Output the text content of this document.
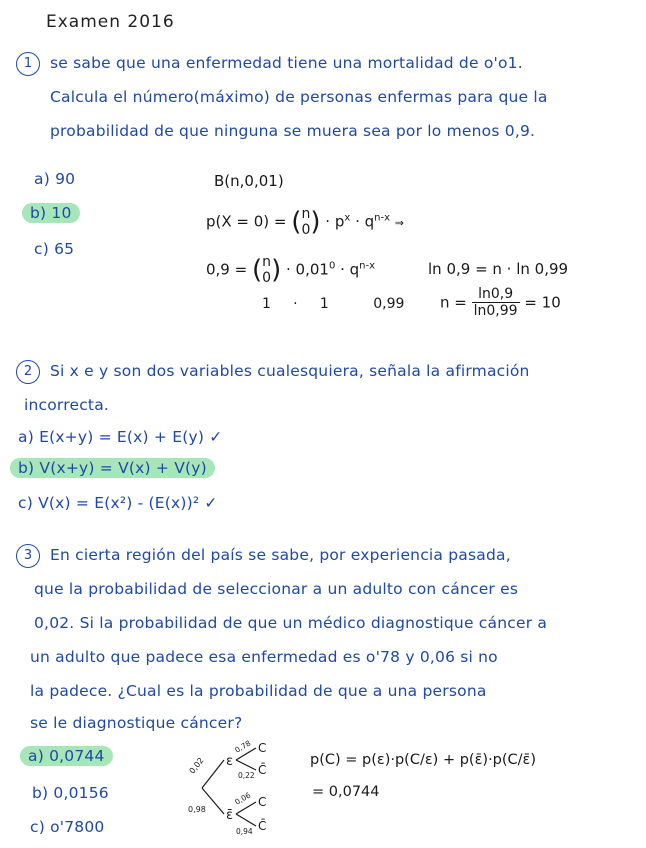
Examen 2016
1	se sabe que una enfermedad tiene una mortalidad de o'o1.
Calcula el número(máximo) de personas enfermas para que la
probabilidad de que ninguna se muera sea por lo menos 0,9.
a) 90
b) 10
c) 65
B(n,0,01)
p(X = 0) = ( n
0 ) · $p^x \cdot q^{n-x}$ ⇒
0,9 = ( n
0 ) · $0,01^0 \cdot q^{n-x}$
1     ·     1          0,99
ln 0,9 = n · ln 0,99
$n = \frac{\ln 0,9}{\ln 0,99} = 10$
2	Si x e y son dos variables cualesquiera, señala la afirmación
incorrecta.
a) E(x+y) = E(x) + E(y) ✓
b) V(x+y) = V(x) + V(y)
c) V(x) = E(x²) - (E(x))² ✓
3	En cierta región del país se sabe, por experiencia pasada,
que la probabilidad de seleccionar a un adulto con cáncer es
0,02. Si la probabilidad de que un médico diagnostique cáncer a
un adulto que padece esa enfermedad es o'78 y 0,06 si no
la padece. ¿Cual es la probabilidad de que a una persona
se le diagnostique cáncer?
a) 0,0744
b) 0,0156
c) o'7800
ε
ε̄
C
C̄
C
C̄
0,02
0,98
0,78
0,22
0,06
0,94
p(C) = p(ε)·p(C/ε) + p(ε̄)·p(C/ε̄)
= 0,0744
